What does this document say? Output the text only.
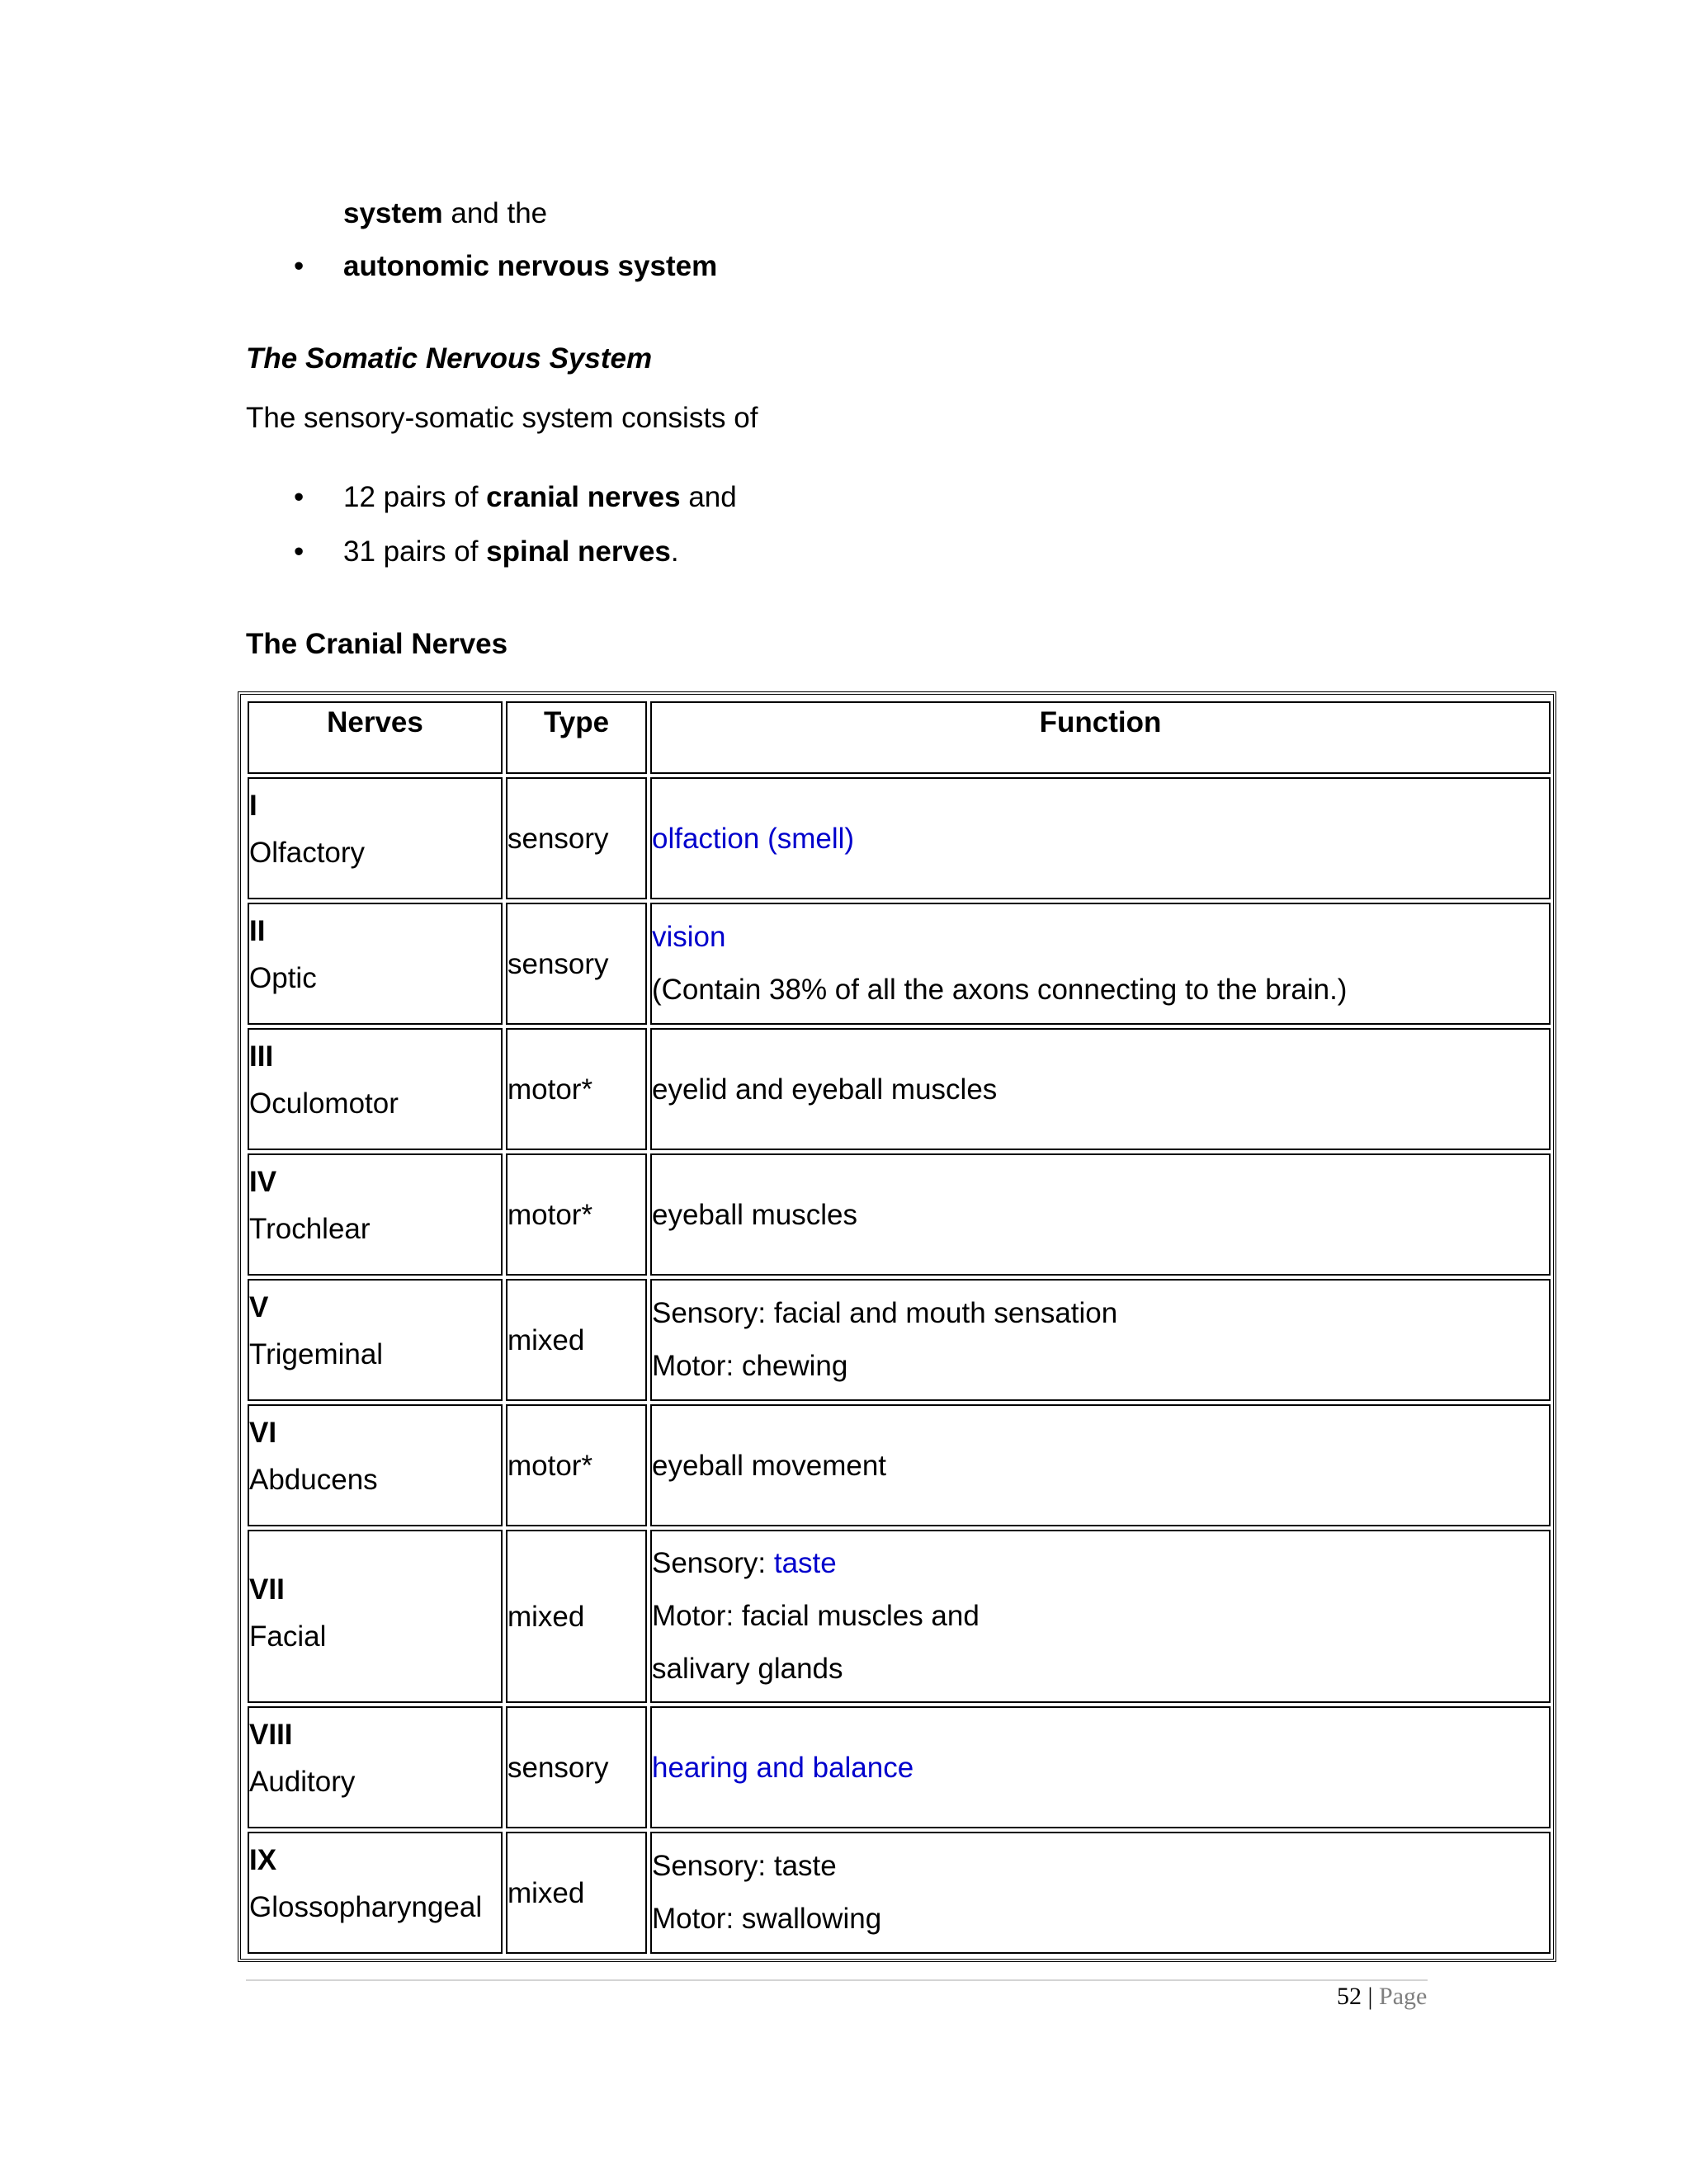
system and the
• autonomic nervous system
The Somatic Nervous System
The sensory-somatic system consists of
• 12 pairs of cranial nerves and
• 31 pairs of spinal nerves.
The Cranial Nerves
Nerves	Type	Function

I
Olfactory	sensory	olfaction (smell)

II
Optic	sensory	vision
(Contain 38% of all the axons connecting to the brain.)

III
Oculomotor	motor*	eyelid and eyeball muscles

IV
Trochlear	motor*	eyeball muscles

V
Trigeminal	mixed	Sensory: facial and mouth sensation
Motor: chewing

VI
Abducens	motor*	eyeball movement

VII
Facial	mixed	Sensory: taste
Motor: facial muscles and
salivary glands

VIII
Auditory	sensory	hearing and balance

IX
Glossopharyngeal	mixed	Sensory: taste
Motor: swallowing
52 | Page
